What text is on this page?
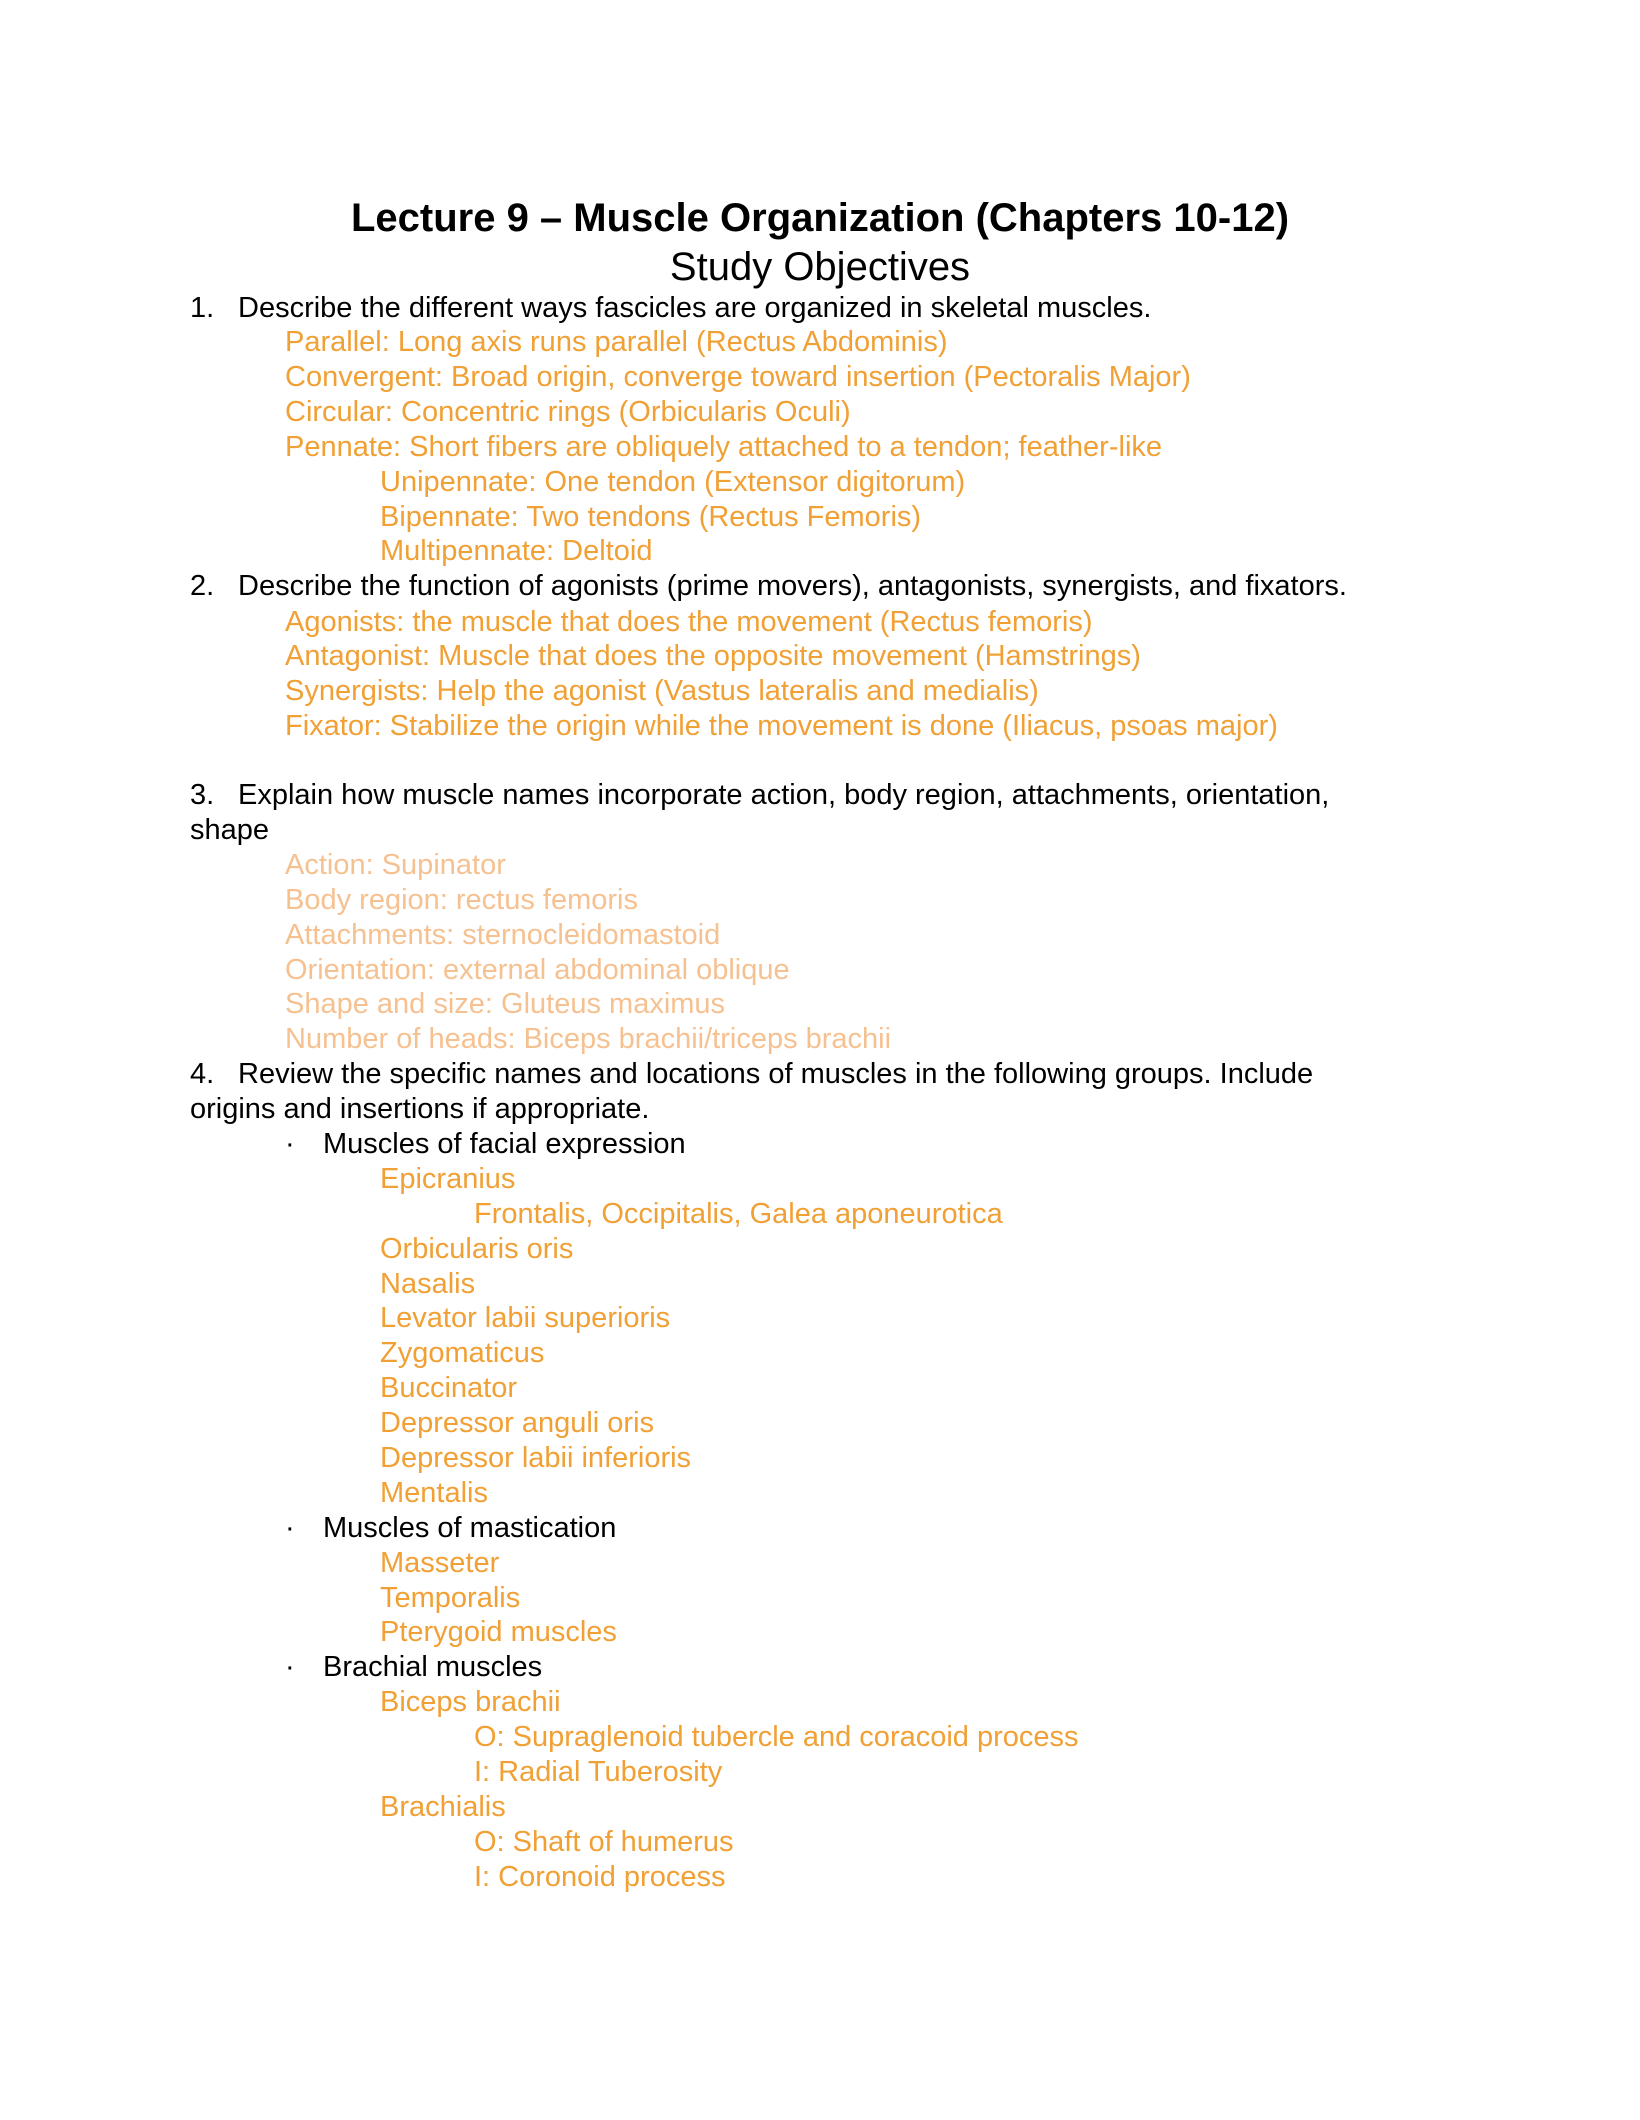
Lecture 9 – Muscle Organization (Chapters 10-12)
Study Objectives
1. Describe the different ways fascicles are organized in skeletal muscles.
Parallel: Long axis runs parallel (Rectus Abdominis)
Convergent: Broad origin, converge toward insertion (Pectoralis Major)
Circular: Concentric rings (Orbicularis Oculi)
Pennate: Short fibers are obliquely attached to a tendon; feather-like
Unipennate: One tendon (Extensor digitorum)
Bipennate: Two tendons (Rectus Femoris)
Multipennate: Deltoid
2. Describe the function of agonists (prime movers), antagonists, synergists, and fixators.
Agonists: the muscle that does the movement (Rectus femoris)
Antagonist: Muscle that does the opposite movement (Hamstrings)
Synergists: Help the agonist (Vastus lateralis and medialis)
Fixator: Stabilize the origin while the movement is done (Iliacus, psoas major)
3. Explain how muscle names incorporate action, body region, attachments, orientation,
shape
Action: Supinator
Body region: rectus femoris
Attachments: sternocleidomastoid
Orientation: external abdominal oblique
Shape and size: Gluteus maximus
Number of heads: Biceps brachii/triceps brachii
4. Review the specific names and locations of muscles in the following groups. Include
origins and insertions if appropriate.
· Muscles of facial expression
Epicranius
Frontalis, Occipitalis, Galea aponeurotica
Orbicularis oris
Nasalis
Levator labii superioris
Zygomaticus
Buccinator
Depressor anguli oris
Depressor labii inferioris
Mentalis
· Muscles of mastication
Masseter
Temporalis
Pterygoid muscles
· Brachial muscles
Biceps brachii
O: Supraglenoid tubercle and coracoid process
I: Radial Tuberosity
Brachialis
O: Shaft of humerus
I: Coronoid process
